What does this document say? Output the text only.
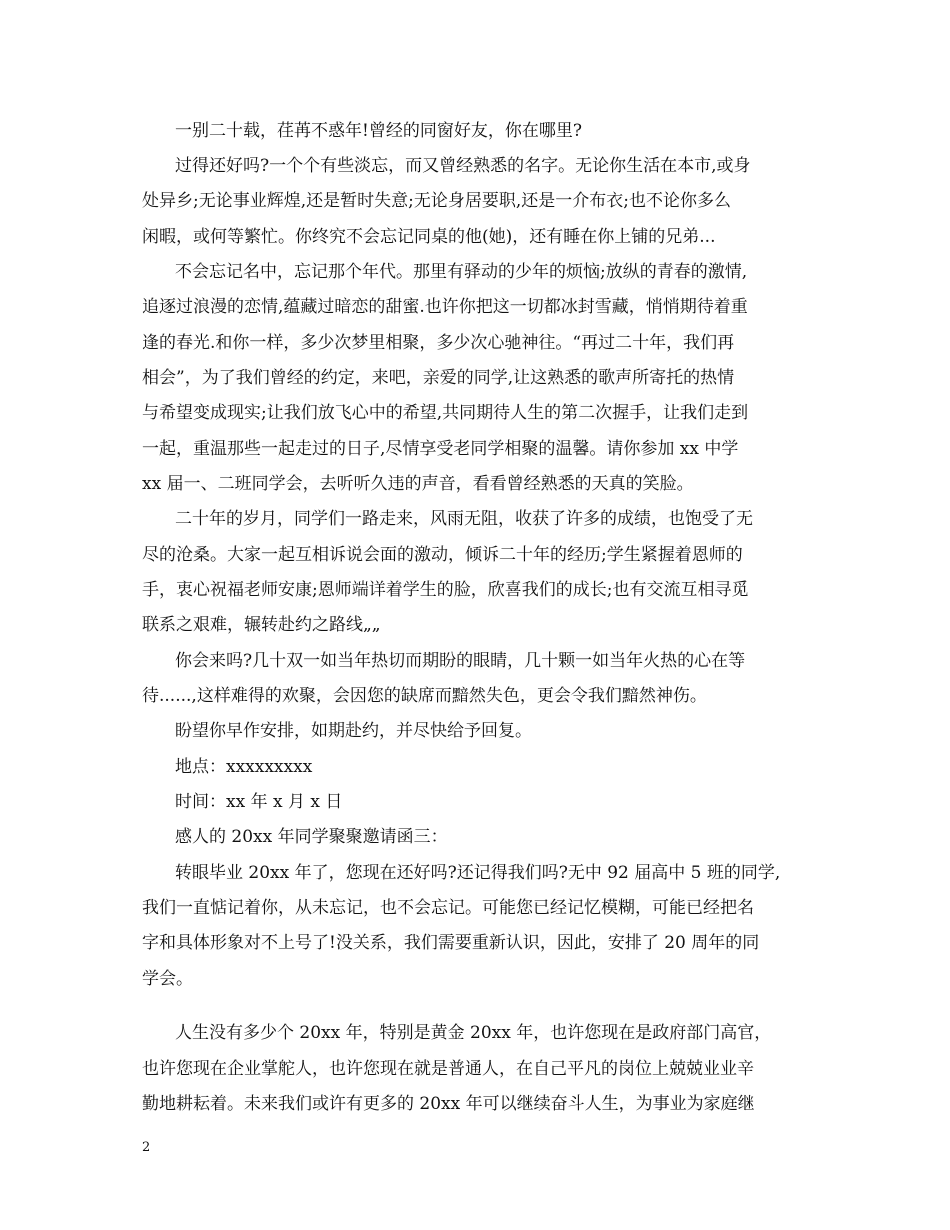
一别二十载，荏苒不惑年!曾经的同窗好友，你在哪里?
过得还好吗?一个个有些淡忘，而又曾经熟悉的名字。无论你生活在本市,或身
处异乡;无论事业辉煌,还是暂时失意;无论身居要职,还是一介布衣;也不论你多么
闲暇，或何等繁忙。你终究不会忘记同桌的他(她)，还有睡在你上铺的兄弟...
不会忘记名中，忘记那个年代。那里有驿动的少年的烦恼;放纵的青春的激情,
追逐过浪漫的恋情,蕴藏过暗恋的甜蜜.也许你把这一切都冰封雪藏，悄悄期待着重
逢的春光.和你一样，多少次梦里相聚，多少次心驰神往。“再过二十年，我们再
相会”，为了我们曾经的约定，来吧，亲爱的同学,让这熟悉的歌声所寄托的热情
与希望变成现实;让我们放飞心中的希望,共同期待人生的第二次握手，让我们走到
一起，重温那些一起走过的日子,尽情享受老同学相聚的温馨。请你参加 xx 中学
xx 届一、二班同学会，去听听久违的声音，看看曾经熟悉的天真的笑脸。
二十年的岁月，同学们一路走来，风雨无阻，收获了许多的成绩，也饱受了无
尽的沧桑。大家一起互相诉说会面的激动，倾诉二十年的经历;学生紧握着恩师的
手，衷心祝福老师安康;恩师端详着学生的脸，欣喜我们的成长;也有交流互相寻觅
联系之艰难，辗转赴约之路线„„
你会来吗?几十双一如当年热切而期盼的眼睛，几十颗一如当年火热的心在等
待......,这样难得的欢聚，会因您的缺席而黯然失色，更会令我们黯然神伤。
盼望你早作安排，如期赴约，并尽快给予回复。
地点：xxxxxxxxx
时间：xx 年 x 月 x 日
感人的 20xx 年同学聚聚邀请函三：
转眼毕业 20xx 年了，您现在还好吗?还记得我们吗?无中 92 届高中 5 班的同学,
我们一直惦记着你，从未忘记，也不会忘记。可能您已经记忆模糊，可能已经把名
字和具体形象对不上号了!没关系，我们需要重新认识，因此，安排了 20 周年的同
学会。
人生没有多少个 20xx 年，特别是黄金 20xx 年，也许您现在是政府部门高官，
也许您现在企业掌舵人，也许您现在就是普通人，在自己平凡的岗位上兢兢业业辛
勤地耕耘着。未来我们或许有更多的 20xx 年可以继续奋斗人生，为事业为家庭继
2
